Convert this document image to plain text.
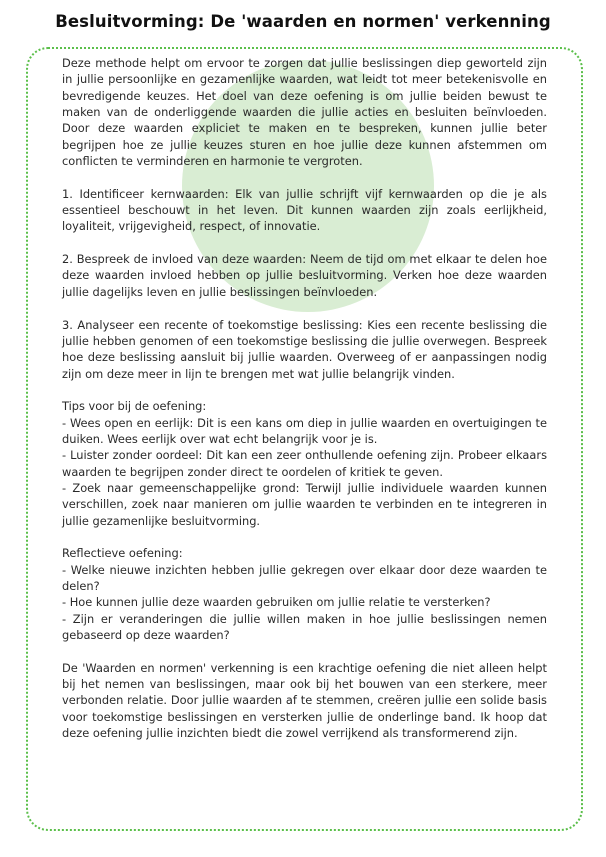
Besluitvorming: De 'waarden en normen' verkenning

Deze methode helpt om ervoor te zorgen dat jullie beslissingen diep geworteld zijn in jullie persoonlijke en gezamenlijke waarden, wat leidt tot meer betekenisvolle en bevredigende keuzes. Het doel van deze oefening is om jullie beiden bewust te maken van de onderliggende waarden die jullie acties en besluiten beïnvloeden. Door deze waarden expliciet te maken en te bespreken, kunnen jullie beter begrijpen hoe ze jullie keuzes sturen en hoe jullie deze kunnen afstemmen om conflicten te verminderen en harmonie te vergroten.

1. Identificeer kernwaarden: Elk van jullie schrijft vijf kernwaarden op die je als essentieel beschouwt in het leven. Dit kunnen waarden zijn zoals eerlijkheid, loyaliteit, vrijgevigheid, respect, of innovatie.

2. Bespreek de invloed van deze waarden: Neem de tijd om met elkaar te delen hoe deze waarden invloed hebben op jullie besluitvorming. Verken hoe deze waarden jullie dagelijks leven en jullie beslissingen beïnvloeden.

3. Analyseer een recente of toekomstige beslissing: Kies een recente beslissing die jullie hebben genomen of een toekomstige beslissing die jullie overwegen. Bespreek hoe deze beslissing aansluit bij jullie waarden. Overweeg of er aanpassingen nodig zijn om deze meer in lijn te brengen met wat jullie belangrijk vinden.

Tips voor bij de oefening:
- Wees open en eerlijk: Dit is een kans om diep in jullie waarden en overtuigingen te duiken. Wees eerlijk over wat echt belangrijk voor je is.
- Luister zonder oordeel: Dit kan een zeer onthullende oefening zijn. Probeer elkaars waarden te begrijpen zonder direct te oordelen of kritiek te geven.
- Zoek naar gemeenschappelijke grond: Terwijl jullie individuele waarden kunnen verschillen, zoek naar manieren om jullie waarden te verbinden en te integreren in jullie gezamenlijke besluitvorming.
Reflectieve oefening:
- Welke nieuwe inzichten hebben jullie gekregen over elkaar door deze waarden te delen?
- Hoe kunnen jullie deze waarden gebruiken om jullie relatie te versterken?
- Zijn er veranderingen die jullie willen maken in hoe jullie beslissingen nemen gebaseerd op deze waarden?

De 'Waarden en normen' verkenning is een krachtige oefening die niet alleen helpt bij het nemen van beslissingen, maar ook bij het bouwen van een sterkere, meer verbonden relatie. Door jullie waarden af te stemmen, creëren jullie een solide basis voor toekomstige beslissingen en versterken jullie de onderlinge band. Ik hoop dat deze oefening jullie inzichten biedt die zowel verrijkend als transformerend zijn.
